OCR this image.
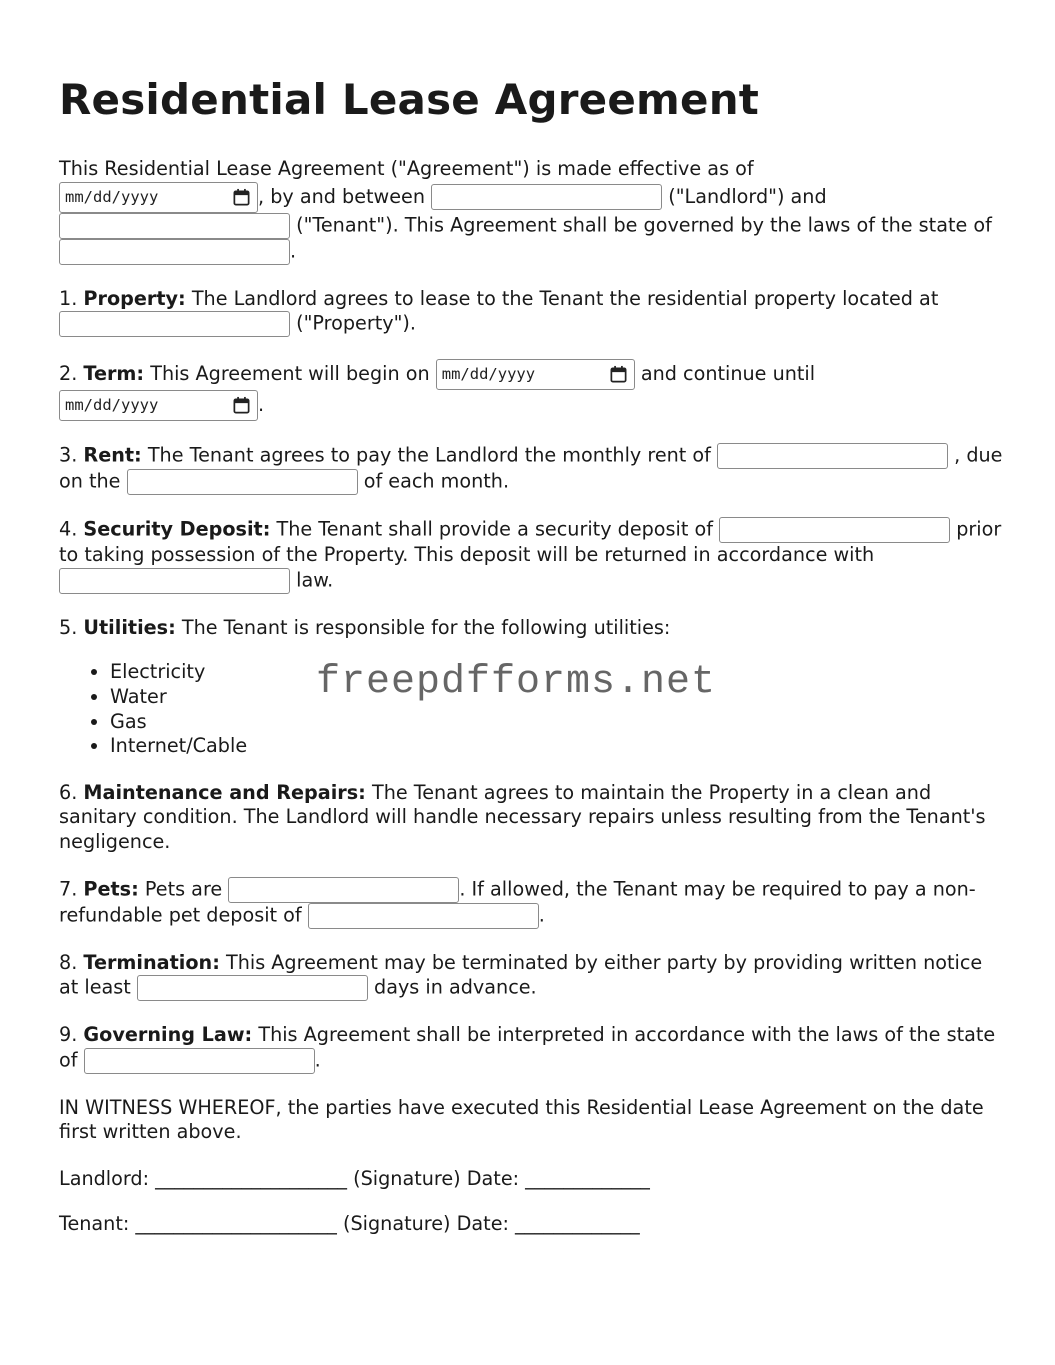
Residential Lease Agreement

This Residential Lease Agreement ("Agreement") is made effective as of

mm/dd/yyyy	, by and between	("Landlord") and  ("Tenant"). This Agreement shall be governed by the laws of the state of .

1. Property: The Landlord agrees to lease to the Tenant the residential property located at  ("Property").

2. Term: This Agreement will begin on mm/dd/yyyy	and continue until

mm/dd/yyyy	.

3. Rent: The Tenant agrees to pay the Landlord the monthly rent of	, due on the	of each month.

4. Security Deposit: The Tenant shall provide a security deposit of	prior to taking possession of the Property. This deposit will be returned in accordance with  law.

5. Utilities: The Tenant is responsible for the following utilities:

• Electricity
• Water
• Gas
• Internet/Cable

6. Maintenance and Repairs: The Tenant agrees to maintain the Property in a clean and sanitary condition. The Landlord will handle necessary repairs unless resulting from the Tenant's negligence.

7. Pets: Pets are	. If allowed, the Tenant may be required to pay a non-refundable pet deposit of	.

8. Termination: This Agreement may be terminated by either party by providing written notice at least	days in advance.

9. Governing Law: This Agreement shall be interpreted in accordance with the laws of the state of	.

IN WITNESS WHEREOF, the parties have executed this Residential Lease Agreement on the date first written above.

Landlord: ____________________ (Signature) Date: _____________

Tenant: _____________________ (Signature) Date: _____________

freepdfforms.net
